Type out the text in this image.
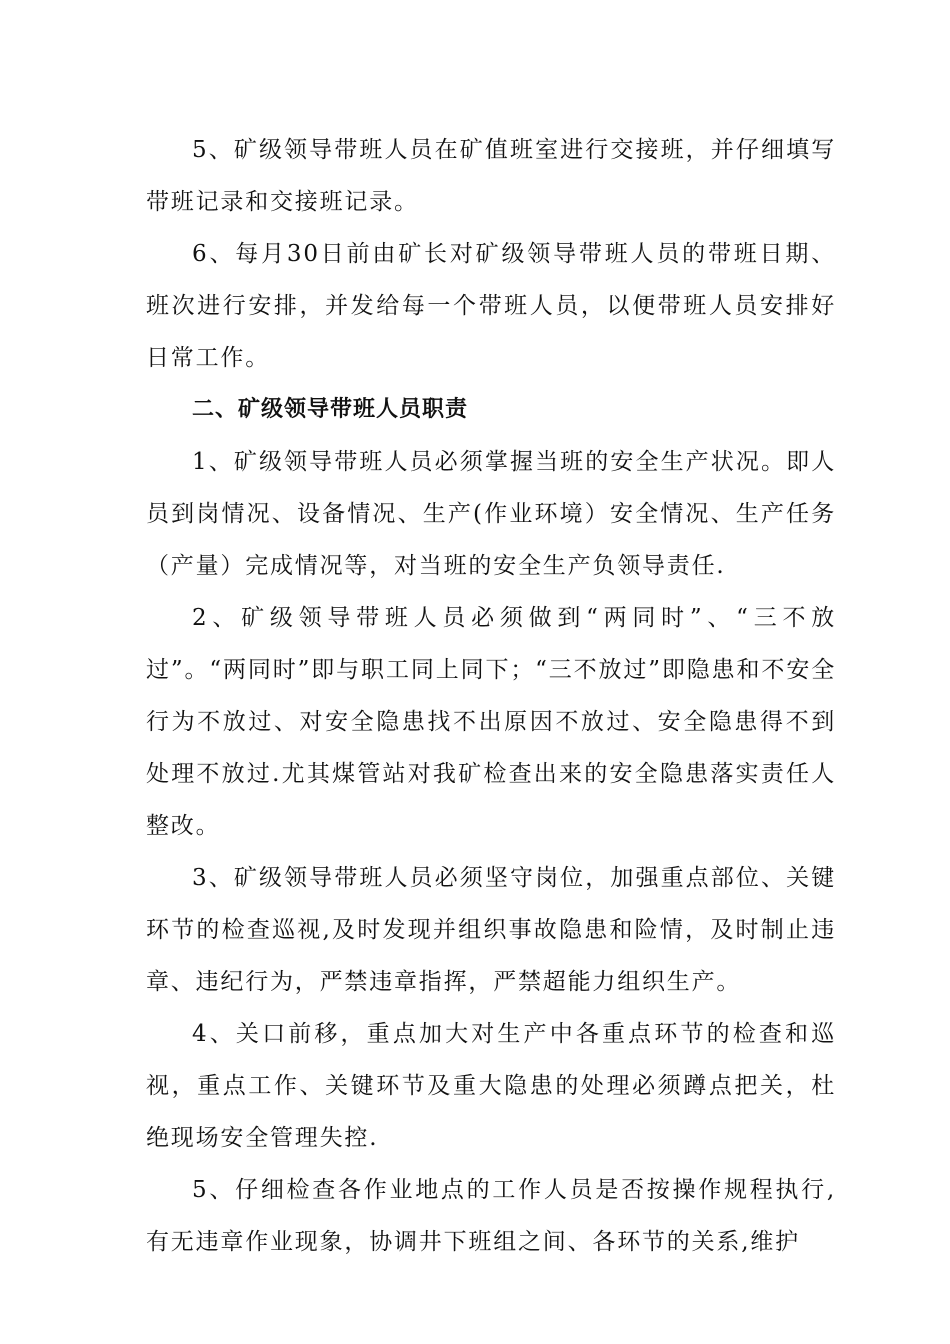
5、矿级领导带班人员在矿值班室进行交接班，并仔细填写带班记录和交接班记录。

6、每月30日前由矿长对矿级领导带班人员的带班日期、班次进行安排，并发给每一个带班人员，以便带班人员安排好日常工作。

二、矿级领导带班人员职责

1、矿级领导带班人员必须掌握当班的安全生产状况。即人员到岗情况、设备情况、生产(作业环境）安全情况、生产任务（产量）完成情况等，对当班的安全生产负领导责任.

2、矿级领导带班人员必须做到“两同时”、“三不放过”。“两同时”即与职工同上同下；“三不放过”即隐患和不安全行为不放过、对安全隐患找不出原因不放过、安全隐患得不到处理不放过.尤其煤管站对我矿检查出来的安全隐患落实责任人整改。

3、矿级领导带班人员必须坚守岗位，加强重点部位、关键环节的检查巡视,及时发现并组织事故隐患和险情，及时制止违章、违纪行为，严禁违章指挥，严禁超能力组织生产。

4、关口前移，重点加大对生产中各重点环节的检查和巡视，重点工作、关键环节及重大隐患的处理必须蹲点把关，杜绝现场安全管理失控.

5、仔细检查各作业地点的工作人员是否按操作规程执行,有无违章作业现象，协调井下班组之间、各环节的关系,维护
